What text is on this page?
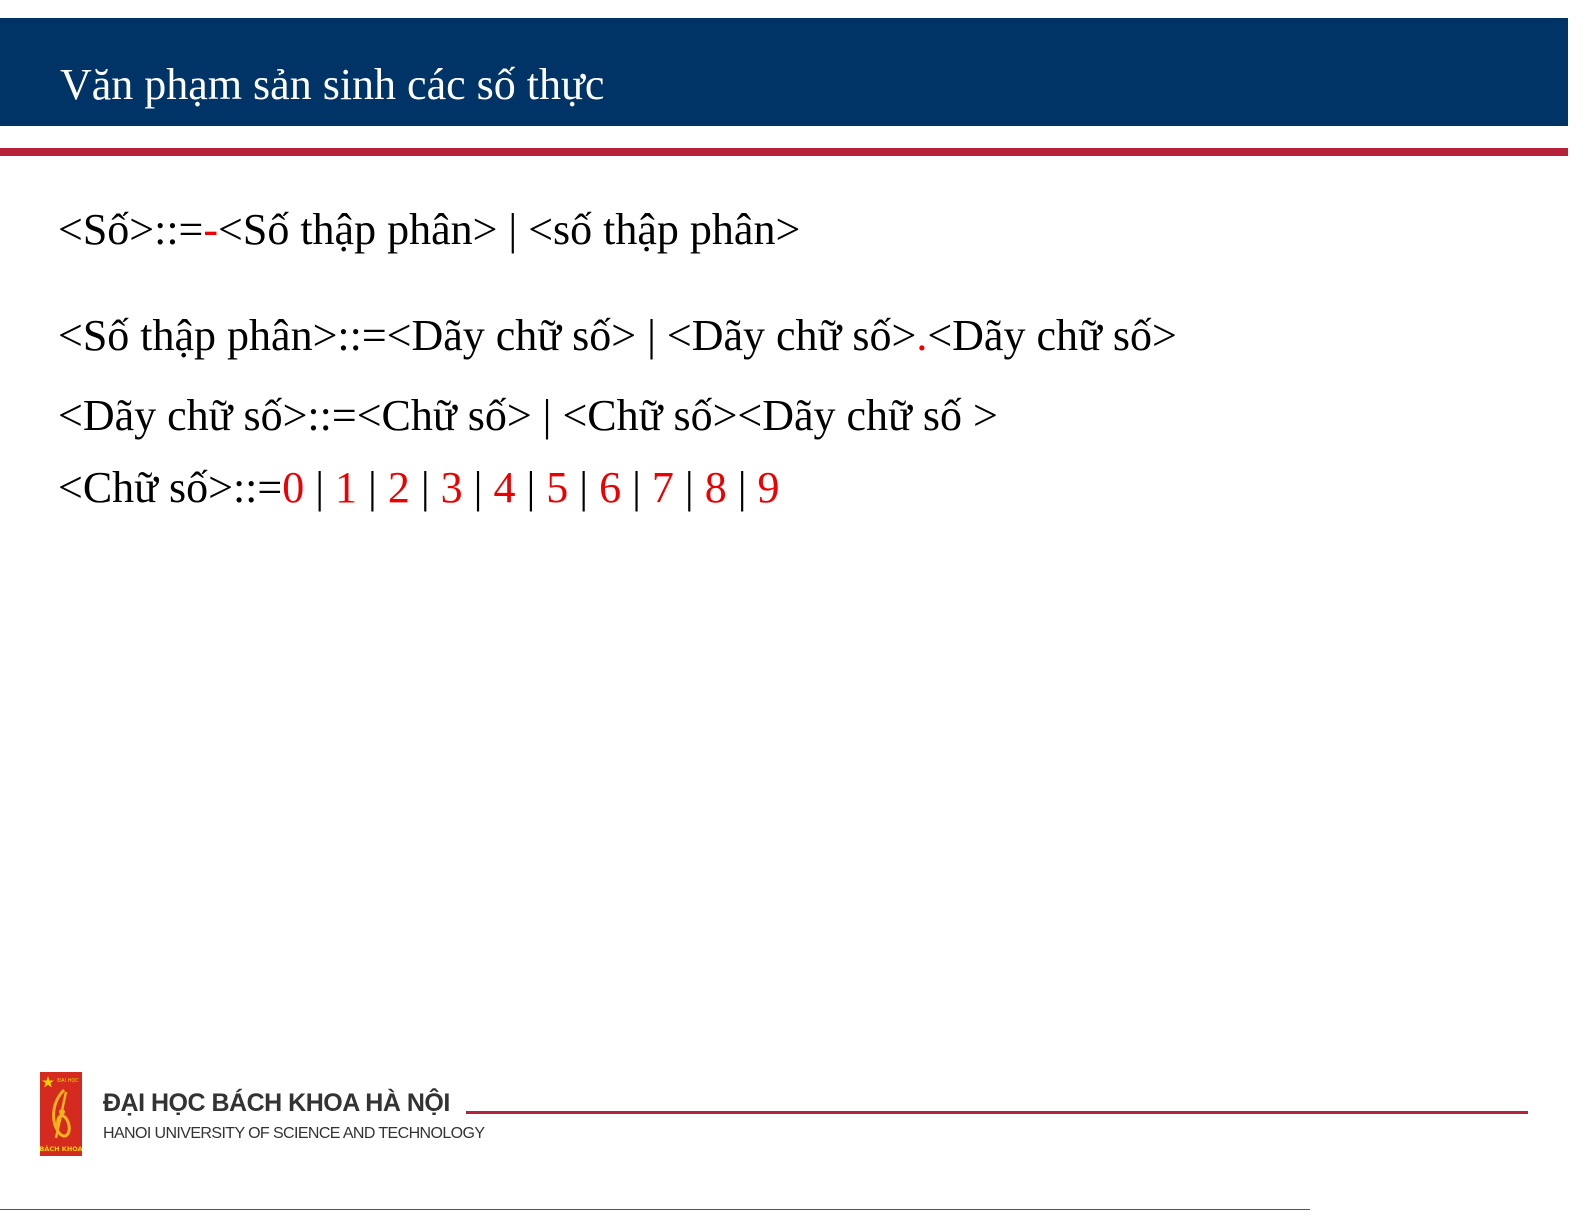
Văn phạm sản sinh các số thực
<Số>::=-<Số thập phân> | <số thập phân>
<Số thập phân>::=<Dãy chữ số> | <Dãy chữ số>.<Dãy chữ số>
<Dãy chữ số>::=<Chữ số> | <Chữ số><Dãy chữ số >
<Chữ số>::=0 | 1 | 2 | 3 | 4 | 5 | 6 | 7 | 8 | 9
ĐẠI HỌC
BÁCH KHOA
ĐẠI HỌC BÁCH KHOA HÀ NỘI
HANOI UNIVERSITY OF SCIENCE AND TECHNOLOGY
